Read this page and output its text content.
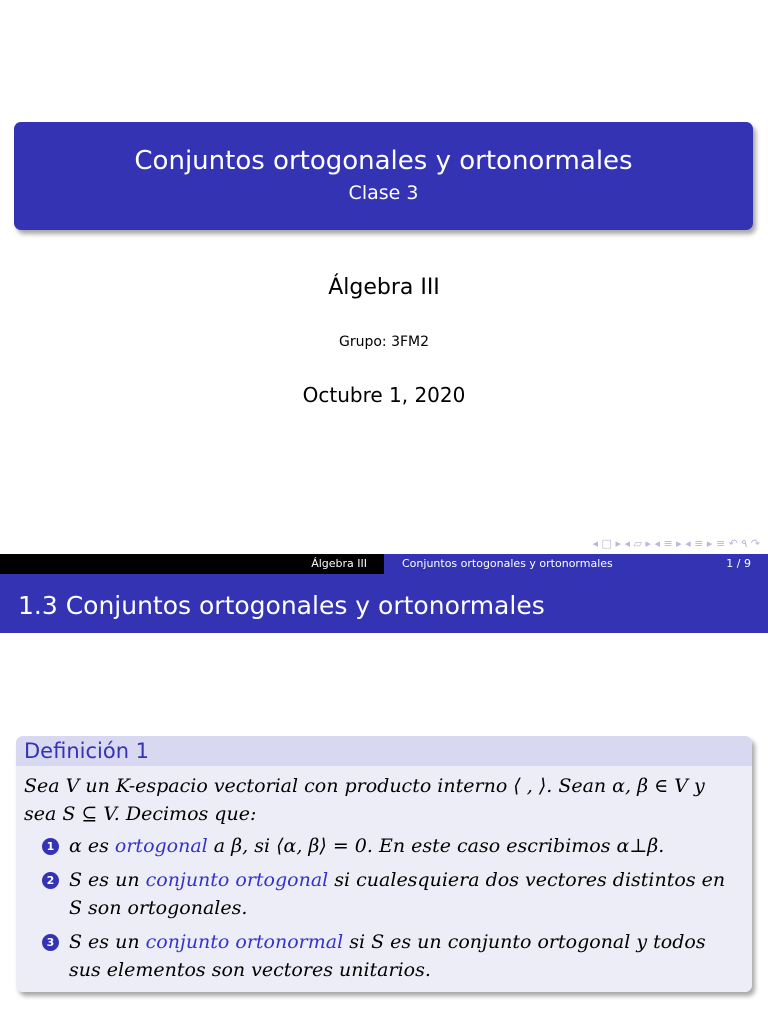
Conjuntos ortogonales y ortonormales
Clase 3
Álgebra III
Grupo: 3FM2
Octubre 1, 2020
◂ □ ▸ ◂ ▱ ▸ ◂ ≡ ▸ ◂ ≡ ▸ ≡ ↶ ۹ ↷
Álgebra III	Conjuntos ortogonales y ortonormales	1 / 9
1.3 Conjuntos ortogonales y ortonormales
Definición 1

Sea V un K-espacio vectorial con producto interno ⟨ , ⟩. Sean α, β ∈ V y sea S ⊆ V. Decimos que:

1 α es ortogonal a β, si ⟨α, β⟩ = 0. En este caso escribimos α⊥β.
2 S es un conjunto ortogonal si cualesquiera dos vectores distintos en S son ortogonales.
3 S es un conjunto ortonormal si S es un conjunto ortogonal y todos sus elementos son vectores unitarios.
